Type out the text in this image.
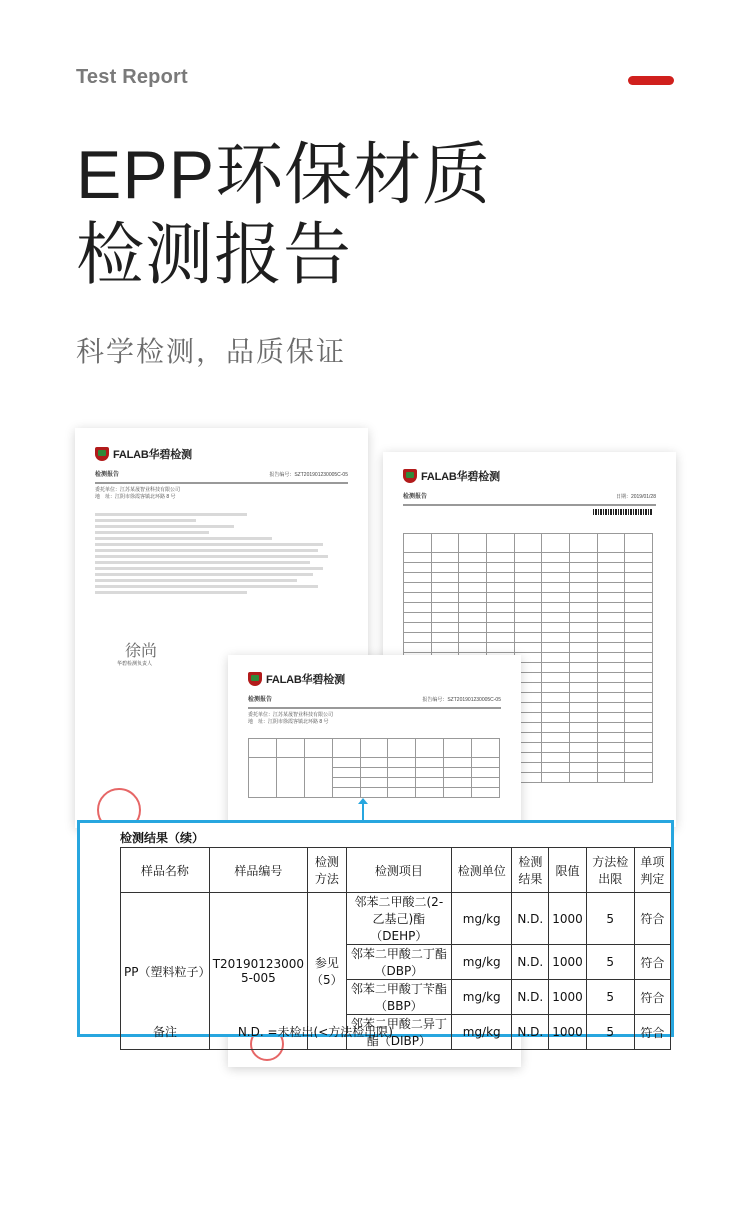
Test Report
EPP环保材质
检测报告
科学检测，品质保证
FALAB华碧检测
检测报告	报告编号：SZT201901230005C-05
委托单位：江苏某晟智业科技有限公司
地　址：江阴市徐霞客镇北环路 8 号
徐尚
华碧检测负责人
FALAB华碧检测
检测报告	日期：2019/01/28

FALAB华碧检测
检测报告	报告编号：SZT201901230005C-05
委托单位：江苏某晟智业科技有限公司
地　址：江阴市徐霞客镇北环路 8 号

检测结果（续）
样品名称	样品编号	检测方法	检测项目	检测单位	检测结果	限值	方法检出限	单项判定
PP（塑料粒子）	T20190123000 5-005	参见（5）	邻苯二甲酸二(2-乙基己)酯（DEHP）	mg/kg	N.D.	1000	5	符合
			邻苯二甲酸二丁酯（DBP）	mg/kg	N.D.	1000	5	符合
			邻苯二甲酸丁苄酯（BBP）	mg/kg	N.D.	1000	5	符合
			邻苯二甲酸二异丁酯（DIBP）	mg/kg	N.D.	1000	5	符合
备注	N.D. =未检出(<方法检出限)
